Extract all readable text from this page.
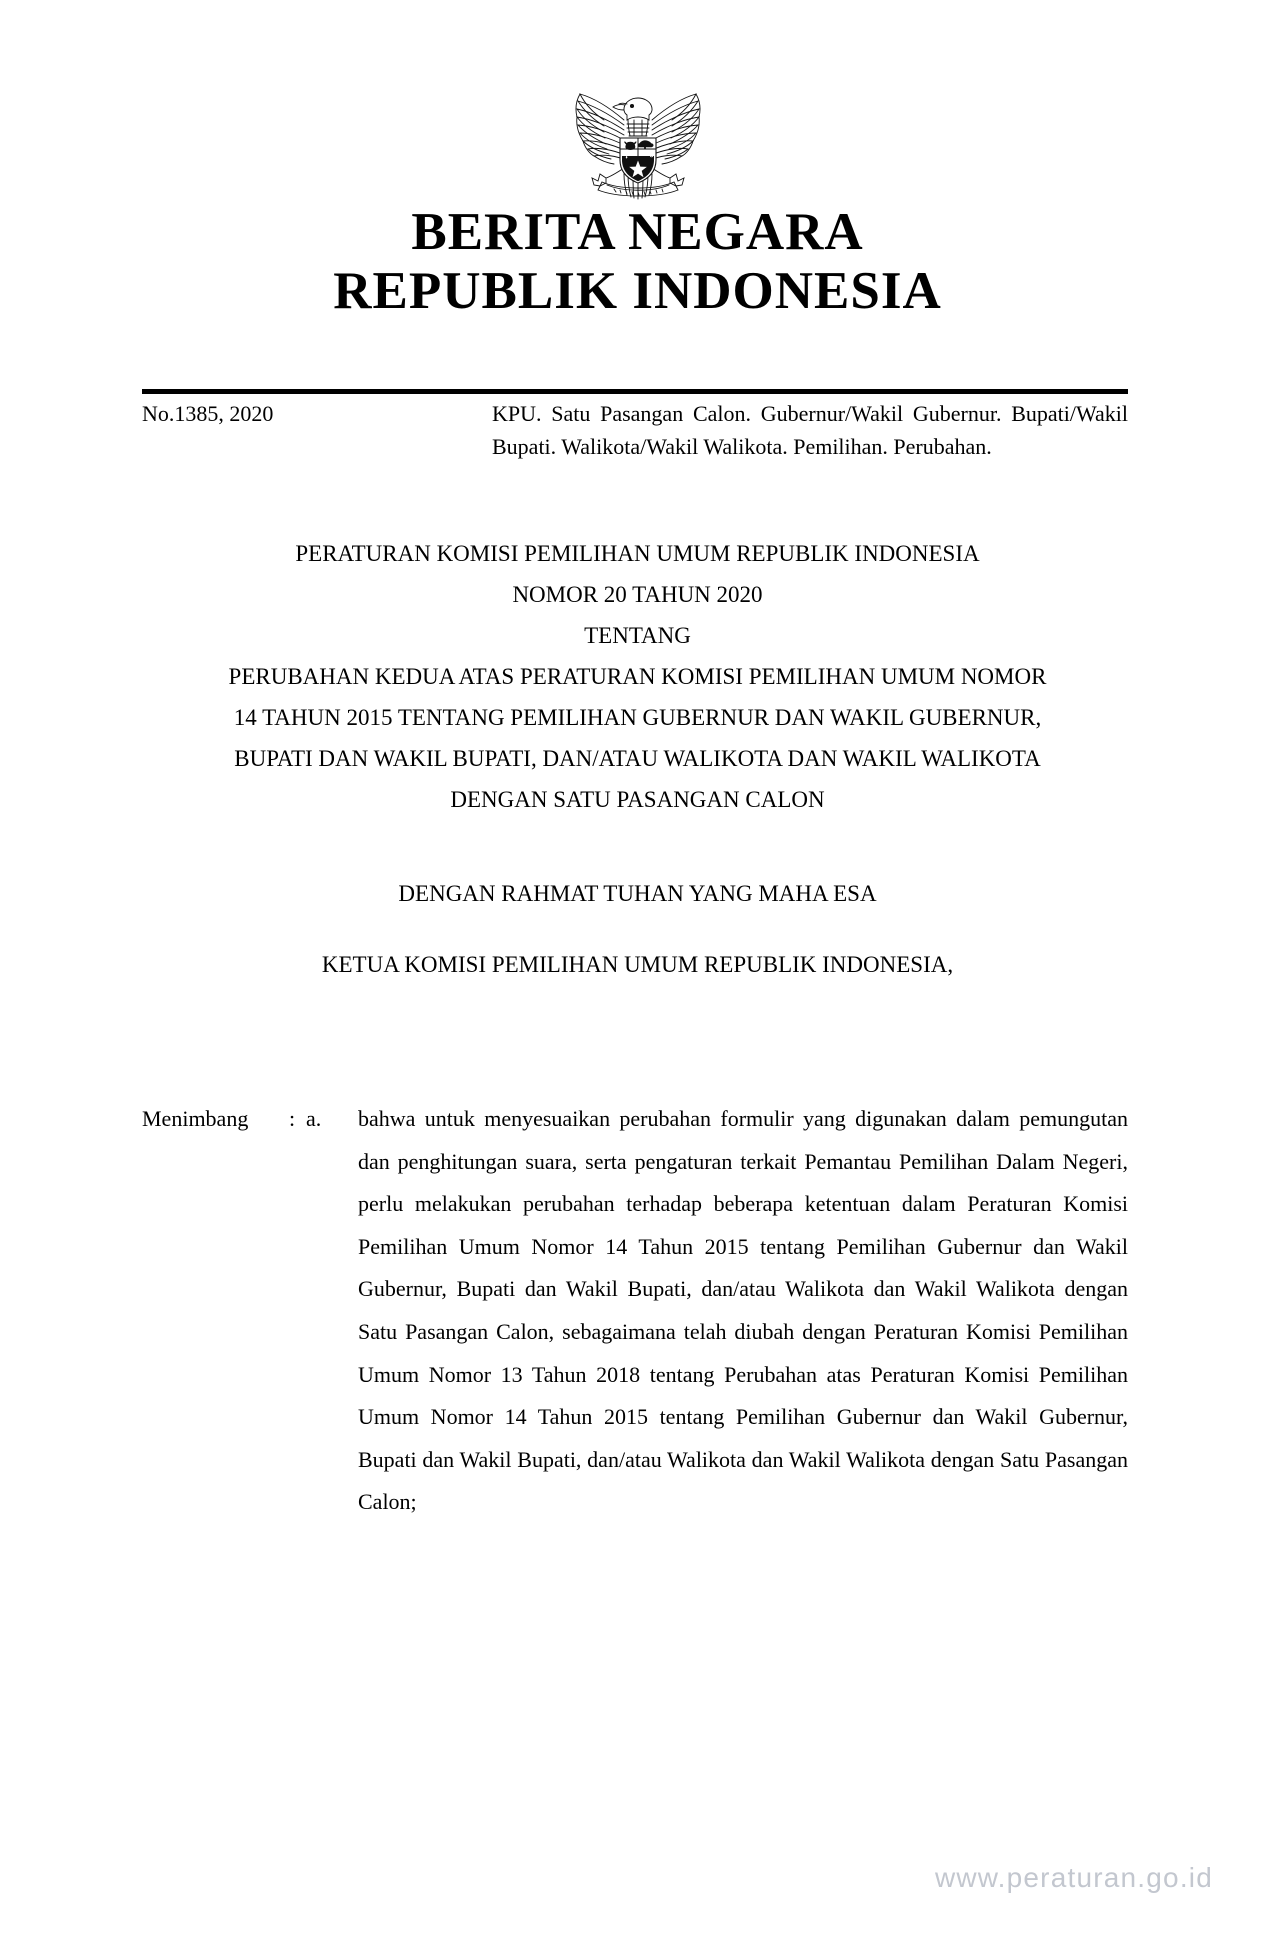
BERITA NEGARA
REPUBLIK INDONESIA
No.1385, 2020	KPU. Satu Pasangan Calon. Gubernur/Wakil Gubernur. Bupati/Wakil Bupati. Walikota/Wakil Walikota. Pemilihan. Perubahan.
PERATURAN KOMISI PEMILIHAN UMUM REPUBLIK INDONESIA
NOMOR 20 TAHUN 2020
TENTANG
PERUBAHAN KEDUA ATAS PERATURAN KOMISI PEMILIHAN UMUM NOMOR
14 TAHUN 2015 TENTANG PEMILIHAN GUBERNUR DAN WAKIL GUBERNUR,
BUPATI DAN WAKIL BUPATI, DAN/ATAU WALIKOTA DAN WAKIL WALIKOTA
DENGAN SATU PASANGAN CALON
DENGAN RAHMAT TUHAN YANG MAHA ESA
KETUA KOMISI PEMILIHAN UMUM REPUBLIK INDONESIA,
Menimbang	: a.	bahwa untuk menyesuaikan perubahan formulir yang digunakan dalam pemungutan dan penghitungan suara, serta pengaturan terkait Pemantau Pemilihan Dalam Negeri, perlu melakukan perubahan terhadap beberapa ketentuan dalam Peraturan Komisi Pemilihan Umum Nomor 14 Tahun 2015 tentang Pemilihan Gubernur dan Wakil Gubernur, Bupati dan Wakil Bupati, dan/atau Walikota dan Wakil Walikota dengan Satu Pasangan Calon, sebagaimana telah diubah dengan Peraturan Komisi Pemilihan Umum Nomor 13 Tahun 2018 tentang Perubahan atas Peraturan Komisi Pemilihan Umum Nomor 14 Tahun 2015 tentang Pemilihan Gubernur dan Wakil Gubernur, Bupati dan Wakil Bupati, dan/atau Walikota dan Wakil Walikota dengan Satu Pasangan Calon;
www.peraturan.go.id
